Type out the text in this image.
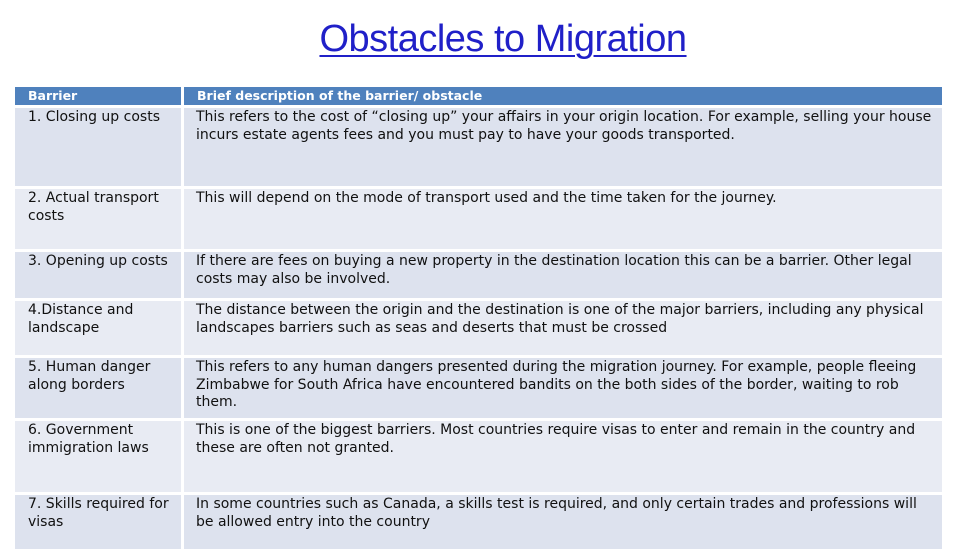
Obstacles to Migration
Barrier	Brief description of the barrier/ obstacle
1. Closing up costs	This refers to the cost of “closing up” your affairs in your origin location. For example, selling your house incurs estate agents fees and you must pay to have your goods transported.
2. Actual transport costs	This will depend on the mode of transport used and the time taken for the journey.
3. Opening up costs	If there are fees on buying a new property in the destination location this can be a barrier. Other legal costs may also be involved.
4.Distance and landscape	The distance between the origin and the destination is one of the major barriers, including any physical landscapes barriers such as seas and deserts that must be crossed
5. Human danger along borders	This refers to any human dangers presented during the migration journey. For example, people fleeing Zimbabwe for South Africa have encountered bandits on the both sides of the border, waiting to rob them.
6. Government immigration laws	This is one of the biggest barriers. Most countries require visas to enter and remain in the country and these are often not granted.
7. Skills required for visas	In some countries such as Canada, a skills test is required, and only certain trades and professions will be allowed entry into the country
